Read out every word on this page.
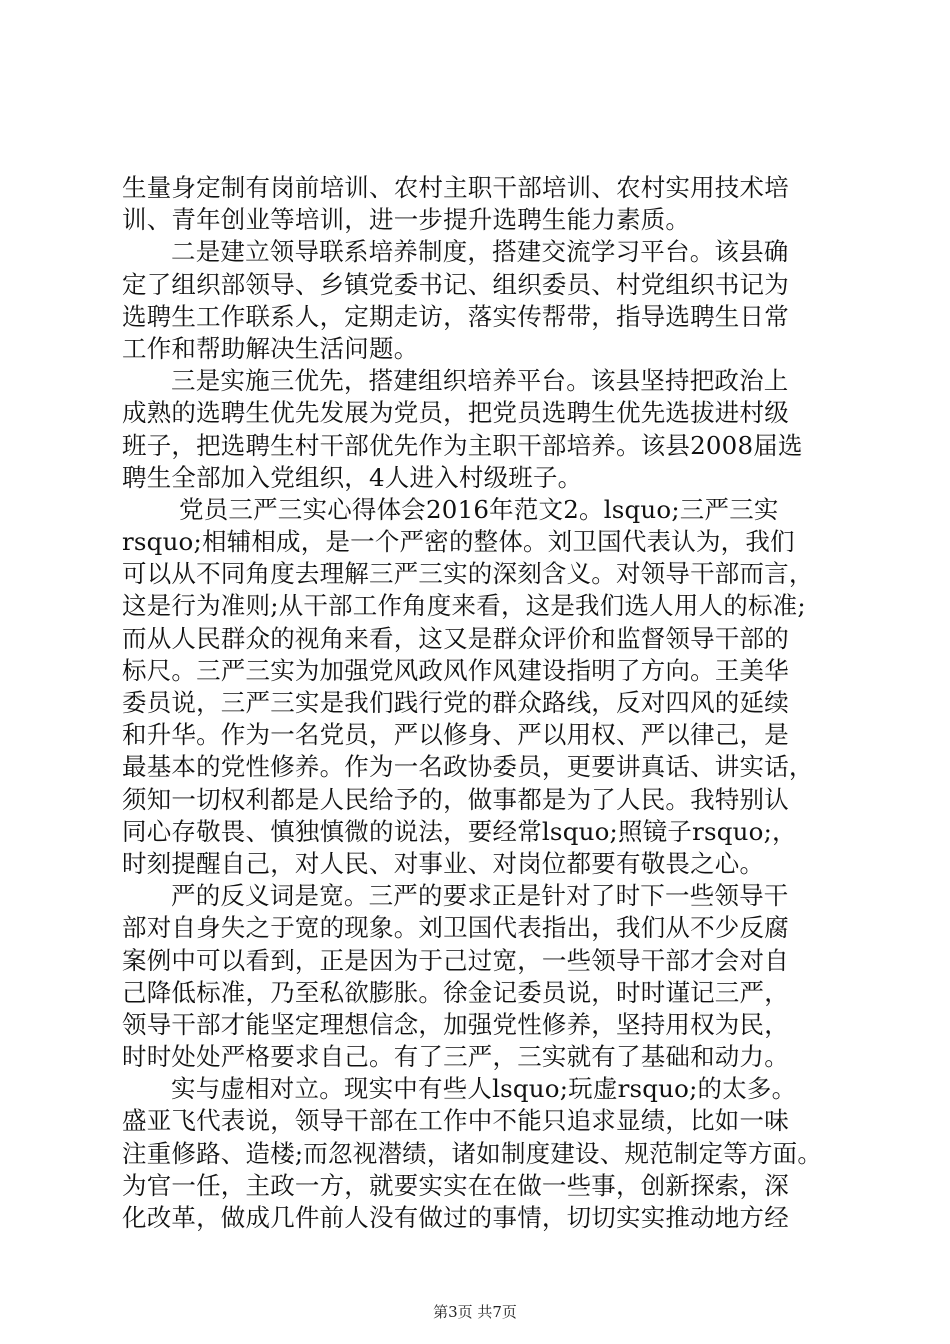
生量身定制有岗前培训、农村主职干部培训、农村实用技术培
训、青年创业等培训，进一步提升选聘生能力素质。
二是建立领导联系培养制度，搭建交流学习平台。该县确
定了组织部领导、乡镇党委书记、组织委员、村党组织书记为
选聘生工作联系人，定期走访，落实传帮带，指导选聘生日常
工作和帮助解决生活问题。
三是实施三优先，搭建组织培养平台。该县坚持把政治上
成熟的选聘生优先发展为党员，把党员选聘生优先选拔进村级
班子，把选聘生村干部优先作为主职干部培养。该县2008届选
聘生全部加入党组织，4人进入村级班子。
党员三严三实心得体会2016年范文2。lsquo;三严三实
rsquo;相辅相成，是一个严密的整体。刘卫国代表认为，我们
可以从不同角度去理解三严三实的深刻含义。对领导干部而言，
这是行为准则;从干部工作角度来看，这是我们选人用人的标准;
而从人民群众的视角来看，这又是群众评价和监督领导干部的
标尺。三严三实为加强党风政风作风建设指明了方向。王美华
委员说，三严三实是我们践行党的群众路线，反对四风的延续
和升华。作为一名党员，严以修身、严以用权、严以律己，是
最基本的党性修养。作为一名政协委员，更要讲真话、讲实话，
须知一切权利都是人民给予的，做事都是为了人民。我特别认
同心存敬畏、慎独慎微的说法，要经常lsquo;照镜子rsquo;，
时刻提醒自己，对人民、对事业、对岗位都要有敬畏之心。
严的反义词是宽。三严的要求正是针对了时下一些领导干
部对自身失之于宽的现象。刘卫国代表指出，我们从不少反腐
案例中可以看到，正是因为于己过宽，一些领导干部才会对自
己降低标准，乃至私欲膨胀。徐金记委员说，时时谨记三严，
领导干部才能坚定理想信念，加强党性修养，坚持用权为民，
时时处处严格要求自己。有了三严，三实就有了基础和动力。
实与虚相对立。现实中有些人lsquo;玩虚rsquo;的太多。
盛亚飞代表说，领导干部在工作中不能只追求显绩，比如一味
注重修路、造楼;而忽视潜绩，诸如制度建设、规范制定等方面。
为官一任，主政一方，就要实实在在做一些事，创新探索，深
化改革，做成几件前人没有做过的事情，切切实实推动地方经
第3页 共7页
